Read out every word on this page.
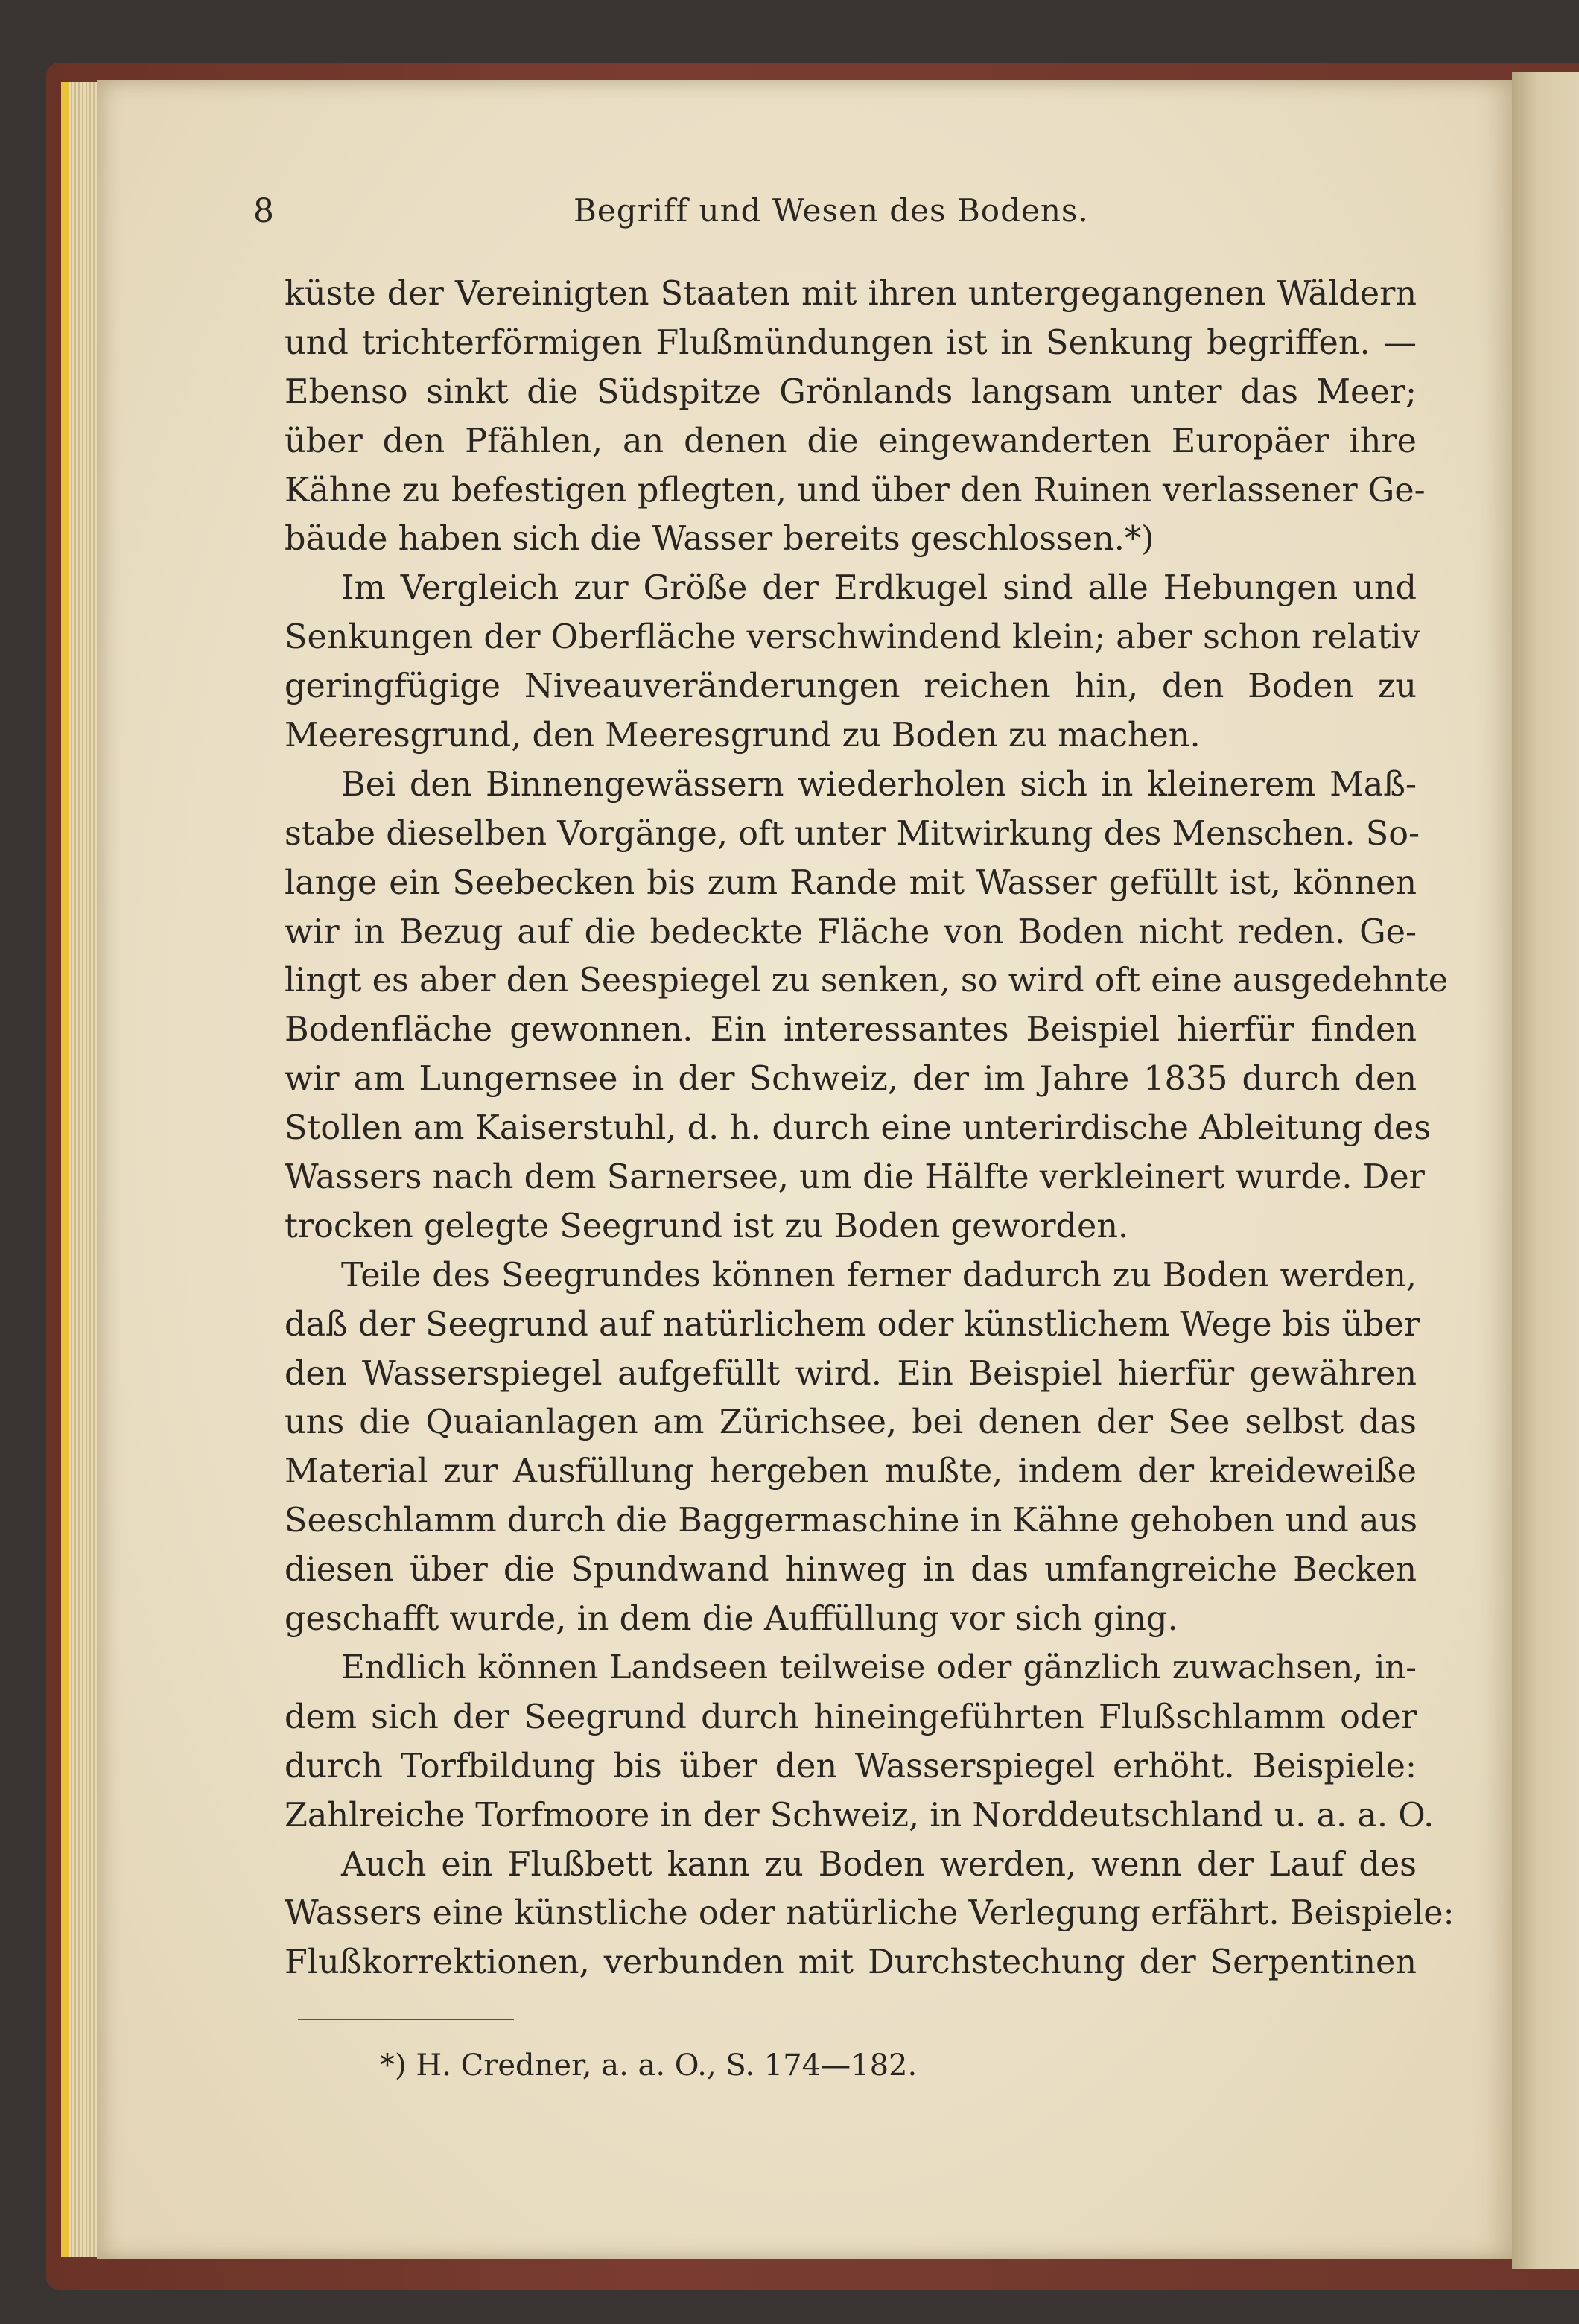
8	Begriff und Wesen des Bodens.
küste der Vereinigten Staaten mit ihren untergegangenen Wäldern
und trichterförmigen Flußmündungen ist in Senkung begriffen. —
Ebenso sinkt die Südspitze Grönlands langsam unter das Meer;
über den Pfählen, an denen die eingewanderten Europäer ihre
Kähne zu befestigen pflegten, und über den Ruinen verlassener Ge-
bäude haben sich die Wasser bereits geschlossen.*)
Im Vergleich zur Größe der Erdkugel sind alle Hebungen und
Senkungen der Oberfläche verschwindend klein; aber schon relativ
geringfügige Niveauveränderungen reichen hin, den Boden zu
Meeresgrund, den Meeresgrund zu Boden zu machen.
Bei den Binnengewässern wiederholen sich in kleinerem Maß-
stabe dieselben Vorgänge, oft unter Mitwirkung des Menschen. So-
lange ein Seebecken bis zum Rande mit Wasser gefüllt ist, können
wir in Bezug auf die bedeckte Fläche von Boden nicht reden. Ge-
lingt es aber den Seespiegel zu senken, so wird oft eine ausgedehnte
Bodenfläche gewonnen. Ein interessantes Beispiel hierfür finden
wir am Lungernsee in der Schweiz, der im Jahre 1835 durch den
Stollen am Kaiserstuhl, d. h. durch eine unterirdische Ableitung des
Wassers nach dem Sarnersee, um die Hälfte verkleinert wurde. Der
trocken gelegte Seegrund ist zu Boden geworden.
Teile des Seegrundes können ferner dadurch zu Boden werden,
daß der Seegrund auf natürlichem oder künstlichem Wege bis über
den Wasserspiegel aufgefüllt wird. Ein Beispiel hierfür gewähren
uns die Quaianlagen am Zürichsee, bei denen der See selbst das
Material zur Ausfüllung hergeben mußte, indem der kreideweiße
Seeschlamm durch die Baggermaschine in Kähne gehoben und aus
diesen über die Spundwand hinweg in das umfangreiche Becken
geschafft wurde, in dem die Auffüllung vor sich ging.
Endlich können Landseen teilweise oder gänzlich zuwachsen, in-
dem sich der Seegrund durch hineingeführten Flußschlamm oder
durch Torfbildung bis über den Wasserspiegel erhöht. Beispiele:
Zahlreiche Torfmoore in der Schweiz, in Norddeutschland u. a. a. O.
Auch ein Flußbett kann zu Boden werden, wenn der Lauf des
Wassers eine künstliche oder natürliche Verlegung erfährt. Beispiele:
Flußkorrektionen, verbunden mit Durchstechung der Serpentinen
*) H. Credner, a. a. O., S. 174—182.
